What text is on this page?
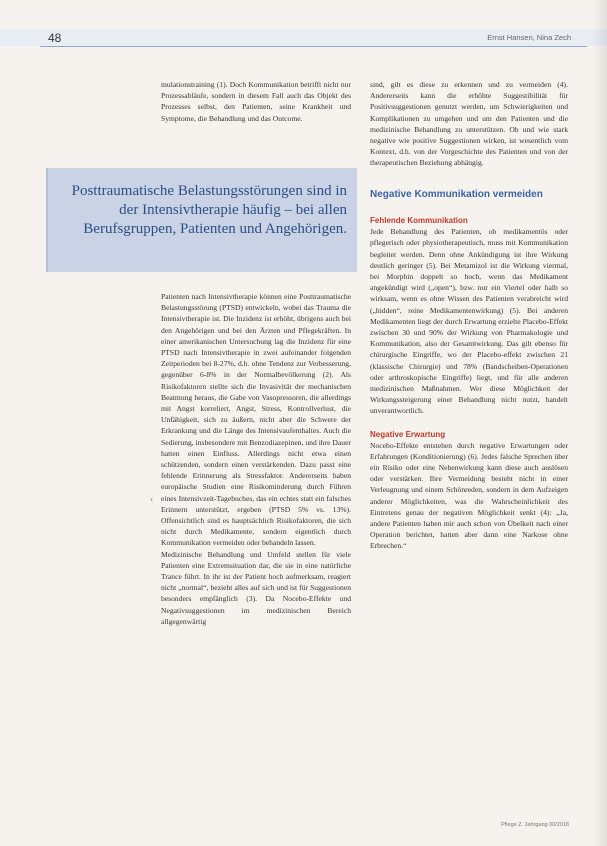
48	Ernst Hansen, Nina Zech

mulationstraining (1). Doch Kommunikation betrifft nicht nur Prozessabläufe, sondern in diesem Fall auch das Objekt des Prozesses selbst, den Patienten, seine Krankheit und Symptome, die Behandlung und das Outcome.

Posttraumatische Belastungsstörungen sind in der Intensivtherapie häufig – bei allen Berufsgruppen, Patienten und Angehörigen.

Patienten nach Intensivtherapie können eine Posttraumatische Belastungsstörung (PTSD) entwickeln, wobei das Trauma die Intensivtherapie ist. Die Inzidenz ist erhöht, übrigens auch bei den Angehörigen und bei den Ärzten und Pflegekräften. In einer amerikanischen Untersuchung lag die Inzidenz für eine PTSD nach Intensivtherapie in zwei aufeinander folgenden Zeitperioden bei 8-27%, d.h. ohne Tendenz zur Verbesserung, gegenüber 6-8% in der Normalbevölkerung (2). Als Risikofaktoren stellte sich die Invasivität der mechanischen Beatmung heraus, die Gabe von Vasopressoren, die allerdings mit Angst korreliert, Angst, Stress, Kontrollverlust, die Unfähigkeit, sich zu äußern, nicht aber die Schwere der Erkrankung und die Länge des Intensivaufenthaltes. Auch die Sedierung, insbesondere mit Benzodiazepinen, und ihre Dauer hatten einen Einfluss. Allerdings nicht etwa einen schützenden, sondern einen verstärkenden. Dazu passt eine fehlende Erinnerung als Stressfaktor. Andererseits haben europäische Studien eine Risikominderung durch Führen eines Intensivzeit-Tagebuches, das ein echtes statt ein falsches Erinnern unterstützt, ergeben (PTSD 5% vs. 13%). Offensichtlich sind es hauptsächlich Risikofaktoren, die sich nicht durch Medikamente, sondern eigentlich durch Kommunikation vermeiden oder behandeln lassen.

Medizinische Behandlung und Umfeld stellen für viele Patienten eine Extremsituation dar, die sie in eine natürliche Trance führt. In ihr ist der Patient hoch aufmerksam, reagiert nicht „normal“, bezieht alles auf sich und ist für Suggestionen besonders empfänglich (3). Da Nocebo-Effekte und Negativsuggestionen im medizinischen Bereich allgegenwärtig

‹

sind, gilt es diese zu erkennen und zu vermeiden (4). Andererseits kann die erhöhte Suggestibilität für Positivsuggestionen genutzt werden, um Schwierigkeiten und Komplikationen zu umgehen und um den Patienten und die medizinische Behandlung zu unterstützen. Ob und wie stark negative wie positive Suggestionen wirken, ist wesentlich vom Kontext, d.h. von der Vorgeschichte des Patienten und von der therapeutischen Beziehung abhängig.

Negative Kommunikation vermeiden
Fehlende Kommunikation

Jede Behandlung des Patienten, ob medikamentös oder pflegerisch oder physiotherapeutisch, muss mit Kommunikation begleitet werden. Denn ohne Ankündigung ist ihre Wirkung deutlich geringer (5). Bei Metamizol ist die Wirkung viermal, bei Morphin doppelt so hoch, wenn das Medikament angekündigt wird („open“), bzw. nur ein Viertel oder halb so wirksam, wenn es ohne Wissen des Patienten verabreicht wird („hidden“, reine Medikamentenwirkung) (5). Bei anderen Medikamenten liegt der durch Erwartung erzielte Placebo-Effekt zwischen 30 und 90% der Wirkung von Pharmakologie und Kommunikation, also der Gesamtwirkung. Das gilt ebenso für chirurgische Eingriffe, wo der Placebo-effekt zwischen 21 (klassische Chirurgie) und 78% (Bandscheiben-Operationen oder arthroskopische Eingriffe) liegt, und für alle anderen medizinischen Maßnahmen. Wer diese Möglichkeit der Wirkungssteigerung einer Behandlung nicht nutzt, handelt unverantwortlich.

Negative Erwartung

Nocebo-Effekte entstehen durch negative Erwartungen oder Erfahrungen (Konditionierung) (6). Jedes falsche Sprechen über ein Risiko oder eine Nebenwirkung kann diese auch auslösen oder verstärken. Ihre Vermeidung besteht nicht in einer Verleugnung und einem Schönreden, sondern in dem Aufzeigen anderer Möglichkeiten, was die Wahrscheinlichkeit des Eintretens genau der negativen Möglichkeit senkt (4): „Ja, andere Patienten haben mir auch schon von Übelkeit nach einer Operation berichtet, hatten aber dann eine Narkose ohne Erbrechen.“

Pflege Z. Jahrgang 00/2018
